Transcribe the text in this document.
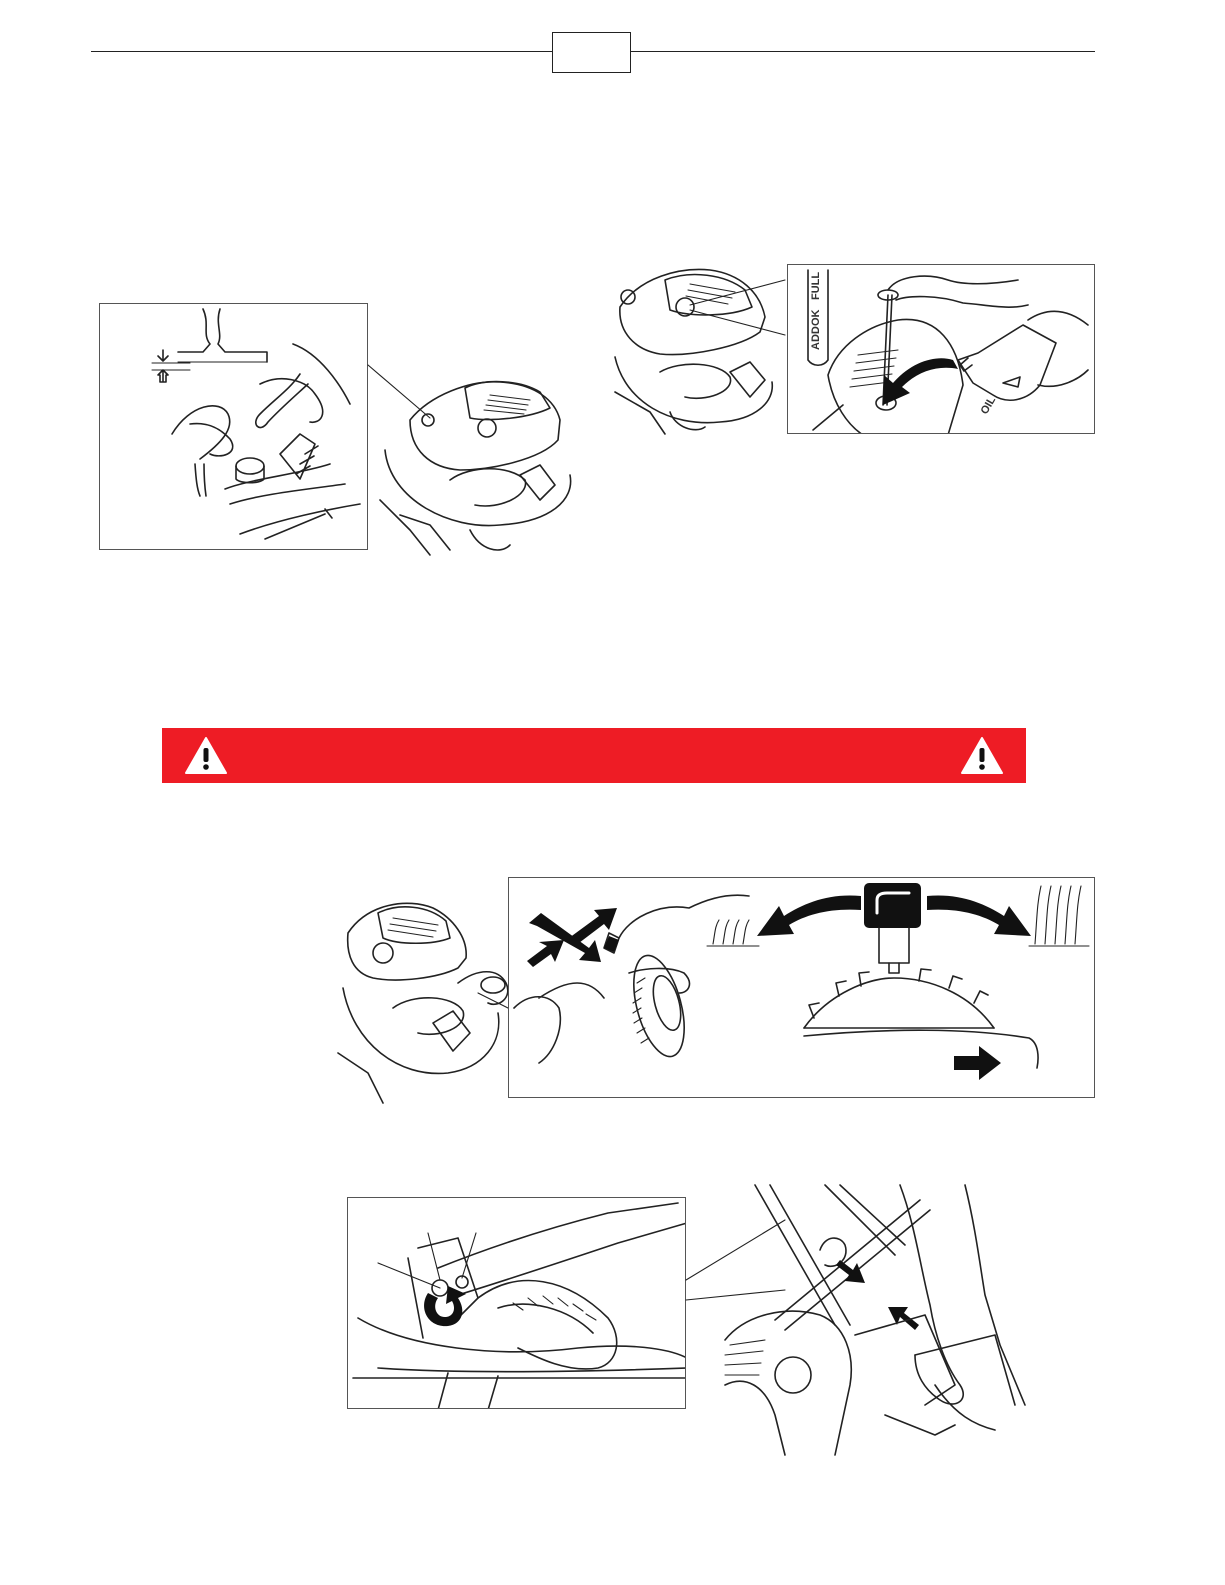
FULL
OK
ADD
OIL
